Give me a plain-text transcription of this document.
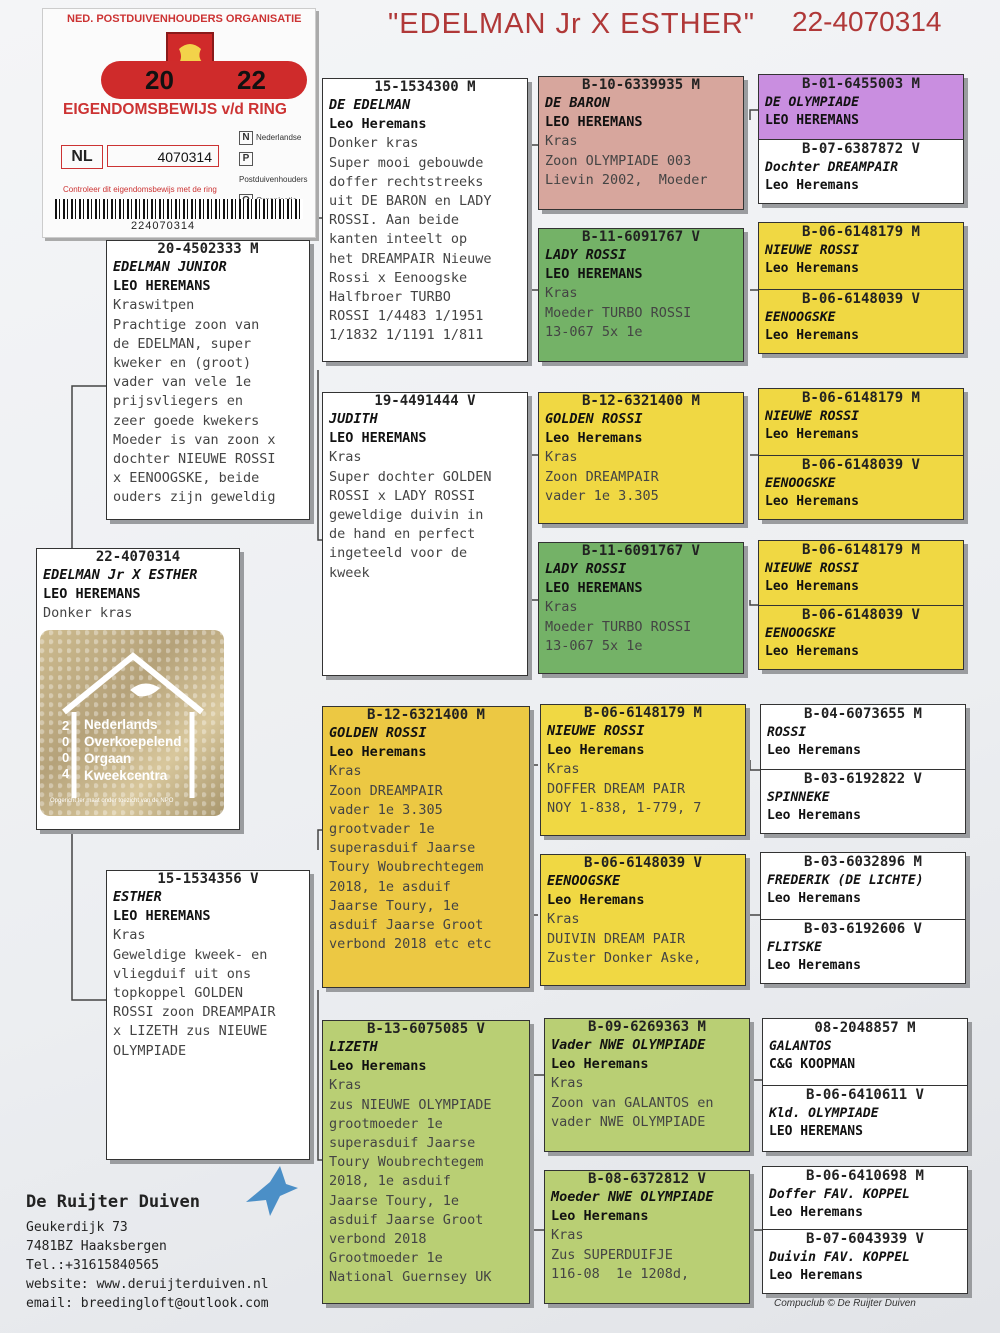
"EDELMAN Jr X ESTHER" 22-4070314
NED. POSTDUIVENHOUDERS ORGANISATIE
20 22
EIGENDOMSBEWIJS v/d RING
NL	4070314
N Nederlandse
PPostduivenhouders
Controleer dit eigendomsbewijs met de ring
224070314
20-4502333 M
EDELMAN JUNIOR
LEO HEREMANS
Kraswitpen
Prachtige zoon van
de EDELMAN, super
kweker en (groot)
vader van vele 1e
prijsvliegers en
zeer goede kwekers
Moeder is van zoon x
dochter NIEUWE ROSSI
x EENOOGSKE, beide
ouders zijn geweldig
22-4070314
EDELMAN Jr X ESTHER
LEO HEREMANS
Donker kras
2 0 0 4
Nederlands
Overkoepelend
Orgaan
Kweekcentra
Opgericht ter maat onder toezicht van de NPO
15-1534356 V
ESTHER
LEO HEREMANS
Kras
Geweldige kweek- en
vliegduif uit ons
topkoppel GOLDEN
ROSSI zoon DREAMPAIR
x LIZETH zus NIEUWE
OLYMPIADE
15-1534300 M
DE EDELMAN
Leo Heremans
Donker kras
Super mooi gebouwde
doffer rechtstreeks
uit DE BARON en LADY
ROSSI. Aan beide
kanten inteelt op
het DREAMPAIR Nieuwe
Rossi x Eenoogske
Halfbroer TURBO
ROSSI 1/4483 1/1951
1/1832 1/1191 1/811
19-4491444 V
JUDITH
LEO HEREMANS
Kras
Super dochter GOLDEN
ROSSI x LADY ROSSI
geweldige duivin in
de hand en perfect
ingeteeld voor de
kweek
B-12-6321400 M
GOLDEN ROSSI
Leo Heremans
Kras
Zoon DREAMPAIR
vader 1e 3.305
grootvader 1e
superasduif Jaarse
Toury Woubrechtegem
2018, 1e asduif
Jaarse Toury, 1e
asduif Jaarse Groot
verbond 2018 etc etc
B-13-6075085 V
LIZETH
Leo Heremans
Kras
zus NIEUWE OLYMPIADE
grootmoeder 1e
superasduif Jaarse
Toury Woubrechtegem
2018, 1e asduif
Jaarse Toury, 1e
asduif Jaarse Groot
verbond 2018
Grootmoeder 1e
National Guernsey UK
B-10-6339935 M
DE BARON
LEO HEREMANS
Kras
Zoon OLYMPIADE 003
Lievin 2002,  Moeder
B-11-6091767 V
LADY ROSSI
LEO HEREMANS
Kras
Moeder TURBO ROSSI
13-067 5x 1e
B-12-6321400 M
GOLDEN ROSSI
Leo Heremans
Kras
Zoon DREAMPAIR
vader 1e 3.305
B-11-6091767 V
LADY ROSSI
LEO HEREMANS
Kras
Moeder TURBO ROSSI
13-067 5x 1e
B-06-6148179 M
NIEUWE ROSSI
Leo Heremans
Kras
DOFFER DREAM PAIR
NOY 1-838, 1-779, 7
B-06-6148039 V
EENOOGSKE
Leo Heremans
Kras
DUIVIN DREAM PAIR
Zuster Donker Aske,
B-09-6269363 M
Vader NWE OLYMPIADE
Leo Heremans
Kras
Zoon van GALANTOS en
vader NWE OLYMPIADE
B-08-6372812 V
Moeder NWE OLYMPIADE
Leo Heremans
Kras
Zus SUPERDUIFJE
116-08  1e 1208d,
B-01-6455003 M
DE OLYMPIADE
LEO HEREMANS
B-07-6387872 V
Dochter DREAMPAIR
Leo Heremans
B-06-6148179 M
NIEUWE ROSSI
Leo Heremans
B-06-6148039 V
EENOOGSKE
Leo Heremans
B-06-6148179 M
NIEUWE ROSSI
Leo Heremans
B-06-6148039 V
EENOOGSKE
Leo Heremans
B-06-6148179 M
NIEUWE ROSSI
Leo Heremans
B-06-6148039 V
EENOOGSKE
Leo Heremans
B-04-6073655 M
ROSSI
Leo Heremans
B-03-6192822 V
SPINNEKE
Leo Heremans
B-03-6032896 M
FREDERIK (DE LICHTE)
Leo Heremans
B-03-6192606 V
FLITSKE
Leo Heremans
08-2048857 M
GALANTOS
C&G KOOPMAN
B-06-6410611 V
Kld. OLYMPIADE
LEO HEREMANS
B-06-6410698 M
Doffer FAV. KOPPEL
Leo Heremans
B-07-6043939 V
Duivin FAV. KOPPEL
Leo Heremans
De Ruijter Duiven
Geukerdijk 73
7481BZ Haaksbergen
Tel.:+31615840565
website: www.deruijterduiven.nl
email: breedingloft@outlook.com	Compuclub © De Ruijter Duiven
